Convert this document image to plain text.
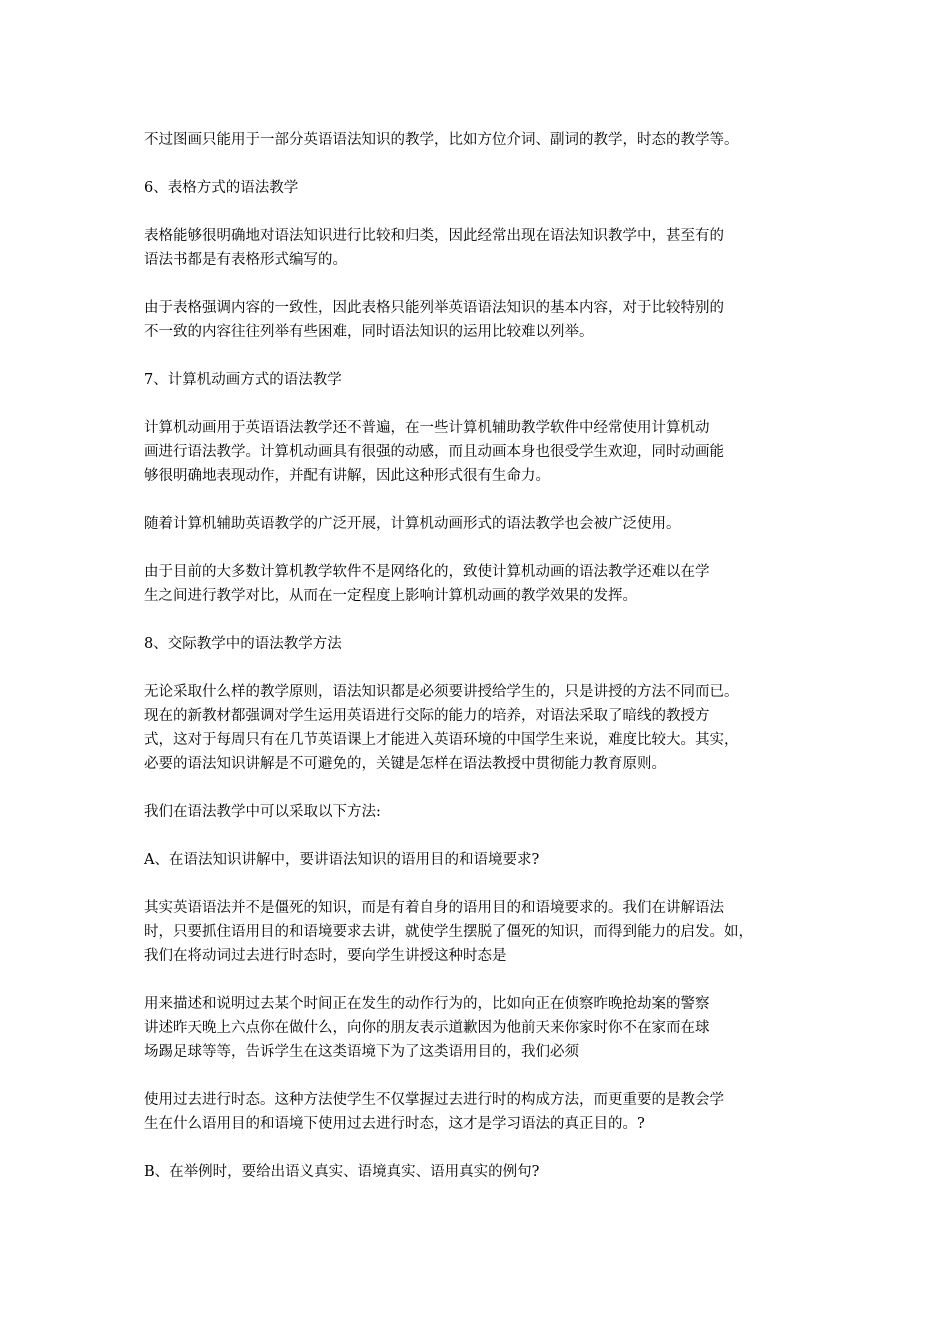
不过图画只能用于一部分英语语法知识的教学，比如方位介词、副词的教学，时态的教学等。

6、表格方式的语法教学

表格能够很明确地对语法知识进行比较和归类，因此经常出现在语法知识教学中，甚至有的
语法书都是有表格形式编写的。

由于表格强调内容的一致性，因此表格只能列举英语语法知识的基本内容，对于比较特别的
不一致的内容往往列举有些困难，同时语法知识的运用比较难以列举。

7、计算机动画方式的语法教学

计算机动画用于英语语法教学还不普遍，在一些计算机辅助教学软件中经常使用计算机动
画进行语法教学。计算机动画具有很强的动感，而且动画本身也很受学生欢迎，同时动画能
够很明确地表现动作，并配有讲解，因此这种形式很有生命力。

随着计算机辅助英语教学的广泛开展，计算机动画形式的语法教学也会被广泛使用。

由于目前的大多数计算机教学软件不是网络化的，致使计算机动画的语法教学还难以在学
生之间进行教学对比，从而在一定程度上影响计算机动画的教学效果的发挥。

8、交际教学中的语法教学方法

无论采取什么样的教学原则，语法知识都是必须要讲授给学生的，只是讲授的方法不同而已。
现在的新教材都强调对学生运用英语进行交际的能力的培养，对语法采取了暗线的教授方
式，这对于每周只有在几节英语课上才能进入英语环境的中国学生来说，难度比较大。其实，
必要的语法知识讲解是不可避免的，关键是怎样在语法教授中贯彻能力教育原则。

我们在语法教学中可以采取以下方法:

A、在语法知识讲解中，要讲语法知识的语用目的和语境要求?

其实英语语法并不是僵死的知识，而是有着自身的语用目的和语境要求的。我们在讲解语法
时，只要抓住语用目的和语境要求去讲，就使学生摆脱了僵死的知识，而得到能力的启发。如，
我们在将动词过去进行时态时，要向学生讲授这种时态是

用来描述和说明过去某个时间正在发生的动作行为的，比如向正在侦察昨晚抢劫案的警察
讲述昨天晚上六点你在做什么，向你的朋友表示道歉因为他前天来你家时你不在家而在球
场踢足球等等，告诉学生在这类语境下为了这类语用目的，我们必须

使用过去进行时态。这种方法使学生不仅掌握过去进行时的构成方法，而更重要的是教会学
生在什么语用目的和语境下使用过去进行时态，这才是学习语法的真正目的。?

B、在举例时，要给出语义真实、语境真实、语用真实的例句?
